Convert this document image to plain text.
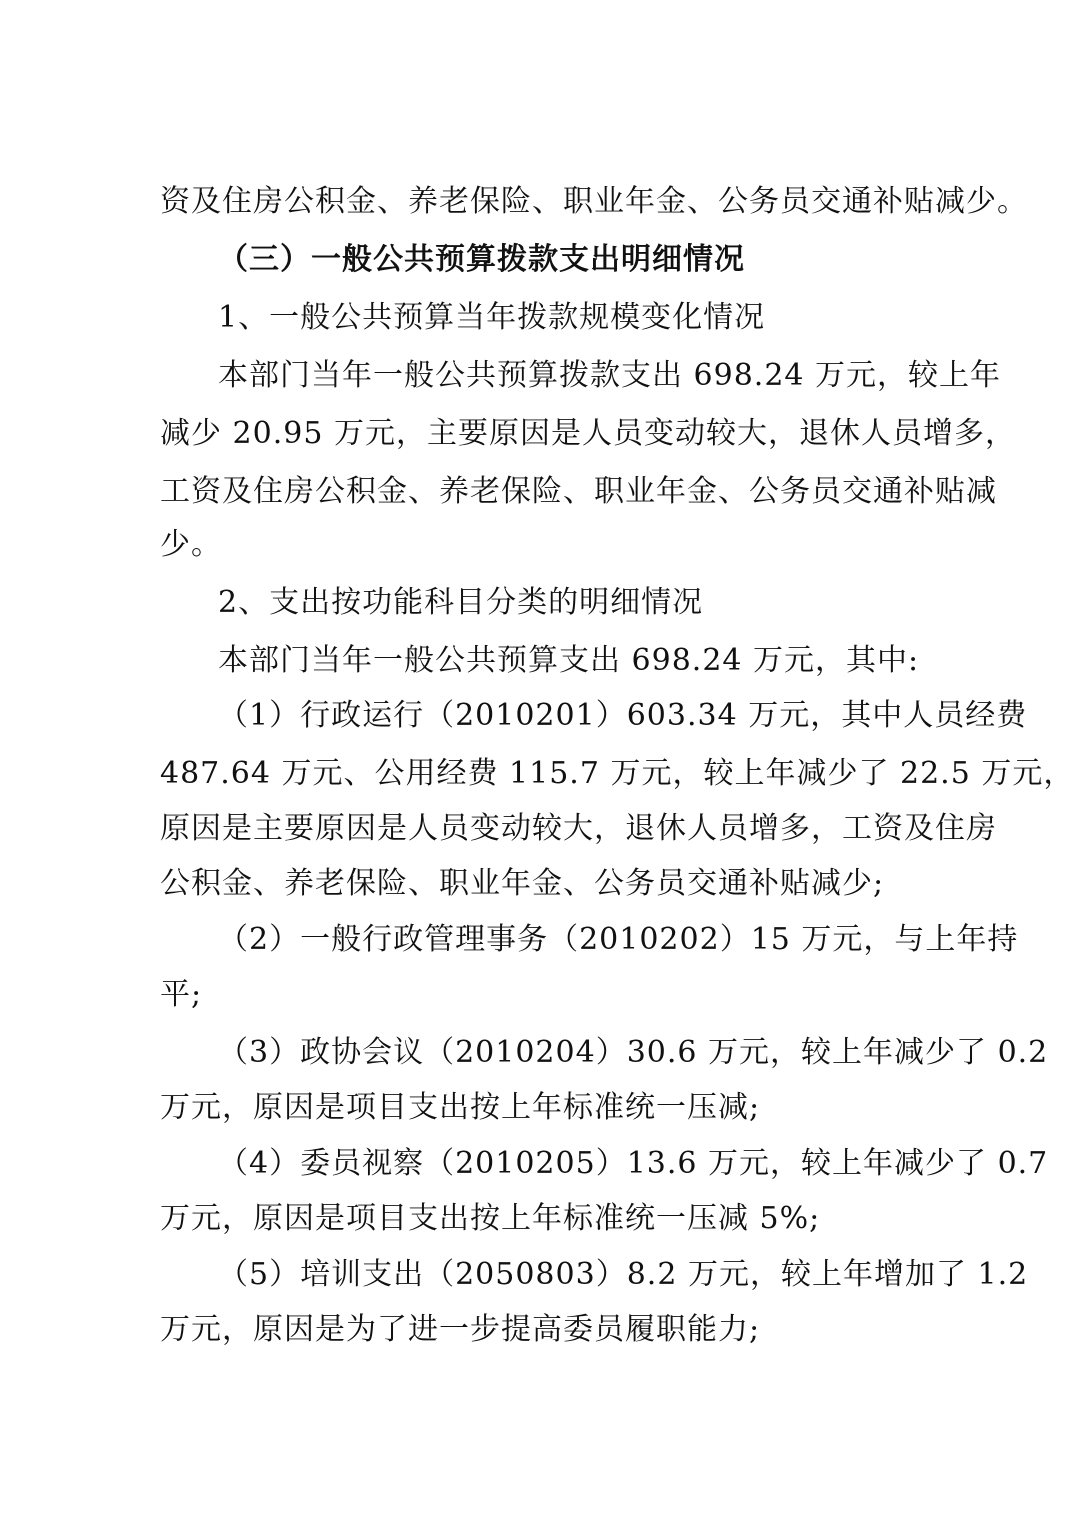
资及住房公积金、养老保险、职业年金、公务员交通补贴减少。
（三）一般公共预算拨款支出明细情况
1、一般公共预算当年拨款规模变化情况
本部门当年一般公共预算拨款支出 698.24 万元，较上年
减少 20.95 万元，主要原因是人员变动较大，退休人员增多，
工资及住房公积金、养老保险、职业年金、公务员交通补贴减
少。
2、支出按功能科目分类的明细情况
本部门当年一般公共预算支出 698.24 万元，其中:
（1）行政运行（2010201）603.34 万元，其中人员经费
487.64 万元、公用经费 115.7 万元，较上年减少了 22.5 万元，
原因是主要原因是人员变动较大，退休人员增多，工资及住房
公积金、养老保险、职业年金、公务员交通补贴减少;
（2）一般行政管理事务（2010202）15 万元，与上年持
平;
（3）政协会议（2010204）30.6 万元，较上年减少了 0.2
万元，原因是项目支出按上年标准统一压减;
（4）委员视察（2010205）13.6 万元，较上年减少了 0.7
万元，原因是项目支出按上年标准统一压减 5%;
（5）培训支出（2050803）8.2 万元，较上年增加了 1.2
万元，原因是为了进一步提高委员履职能力;
